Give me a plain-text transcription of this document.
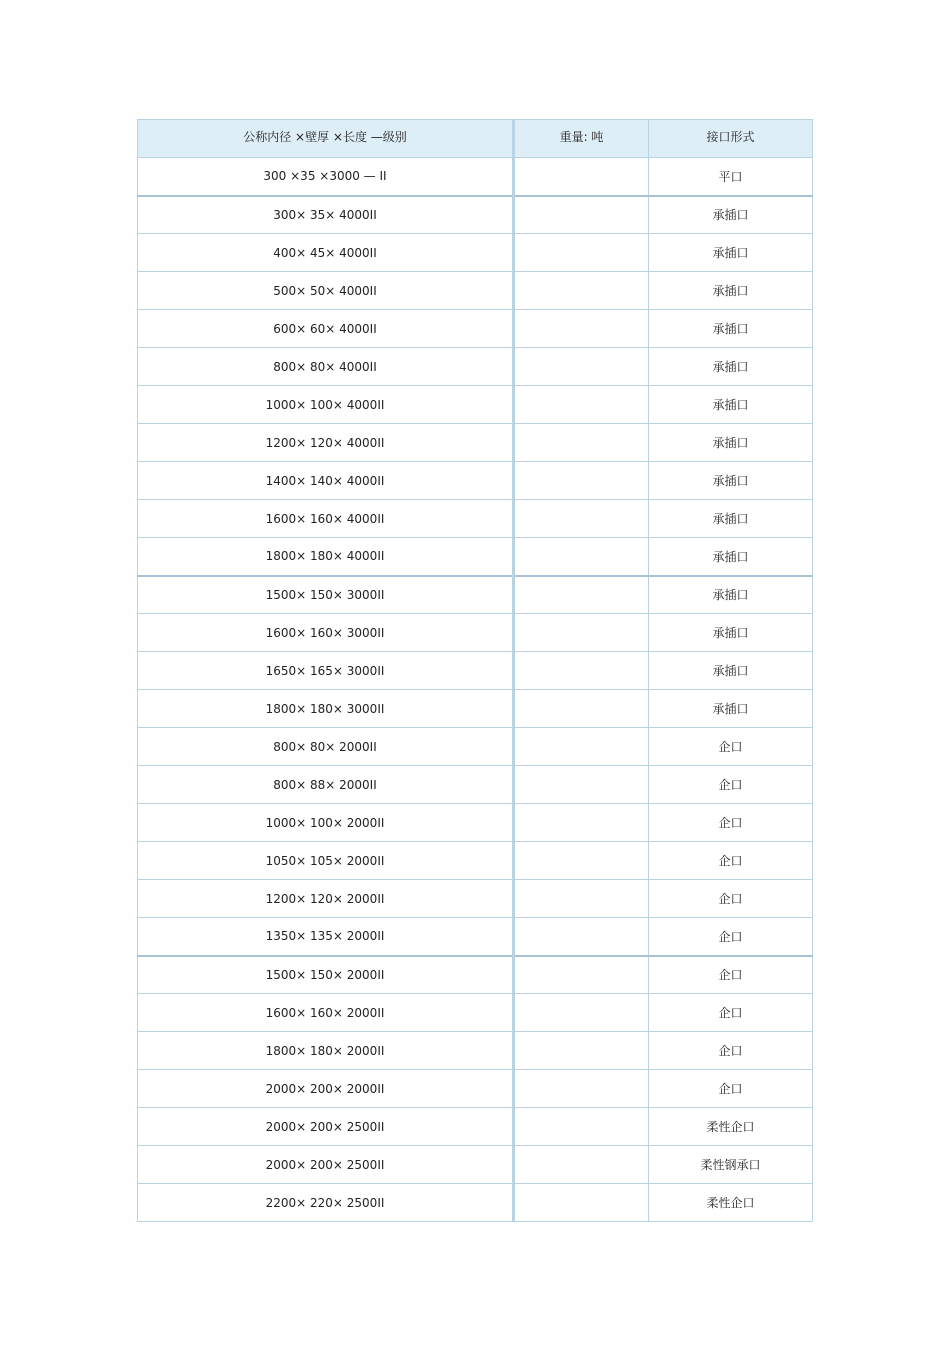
公称内径 ×壁厚 ×长度 —级别	重量: 吨	接口形式
300 ×35 ×3000 — II		平口
300× 35× 4000II		承插口
400× 45× 4000II		承插口
500× 50× 4000II		承插口
600× 60× 4000II		承插口
800× 80× 4000II		承插口
1000× 100× 4000II		承插口
1200× 120× 4000II		承插口
1400× 140× 4000II		承插口
1600× 160× 4000II		承插口
1800× 180× 4000II		承插口
1500× 150× 3000II		承插口
1600× 160× 3000II		承插口
1650× 165× 3000II		承插口
1800× 180× 3000II		承插口
800× 80× 2000II		企口
800× 88× 2000II		企口
1000× 100× 2000II		企口
1050× 105× 2000II		企口
1200× 120× 2000II		企口
1350× 135× 2000II		企口
1500× 150× 2000II		企口
1600× 160× 2000II		企口
1800× 180× 2000II		企口
2000× 200× 2000II		企口
2000× 200× 2500II		柔性企口
2000× 200× 2500II		柔性钢承口
2200× 220× 2500II		柔性企口
